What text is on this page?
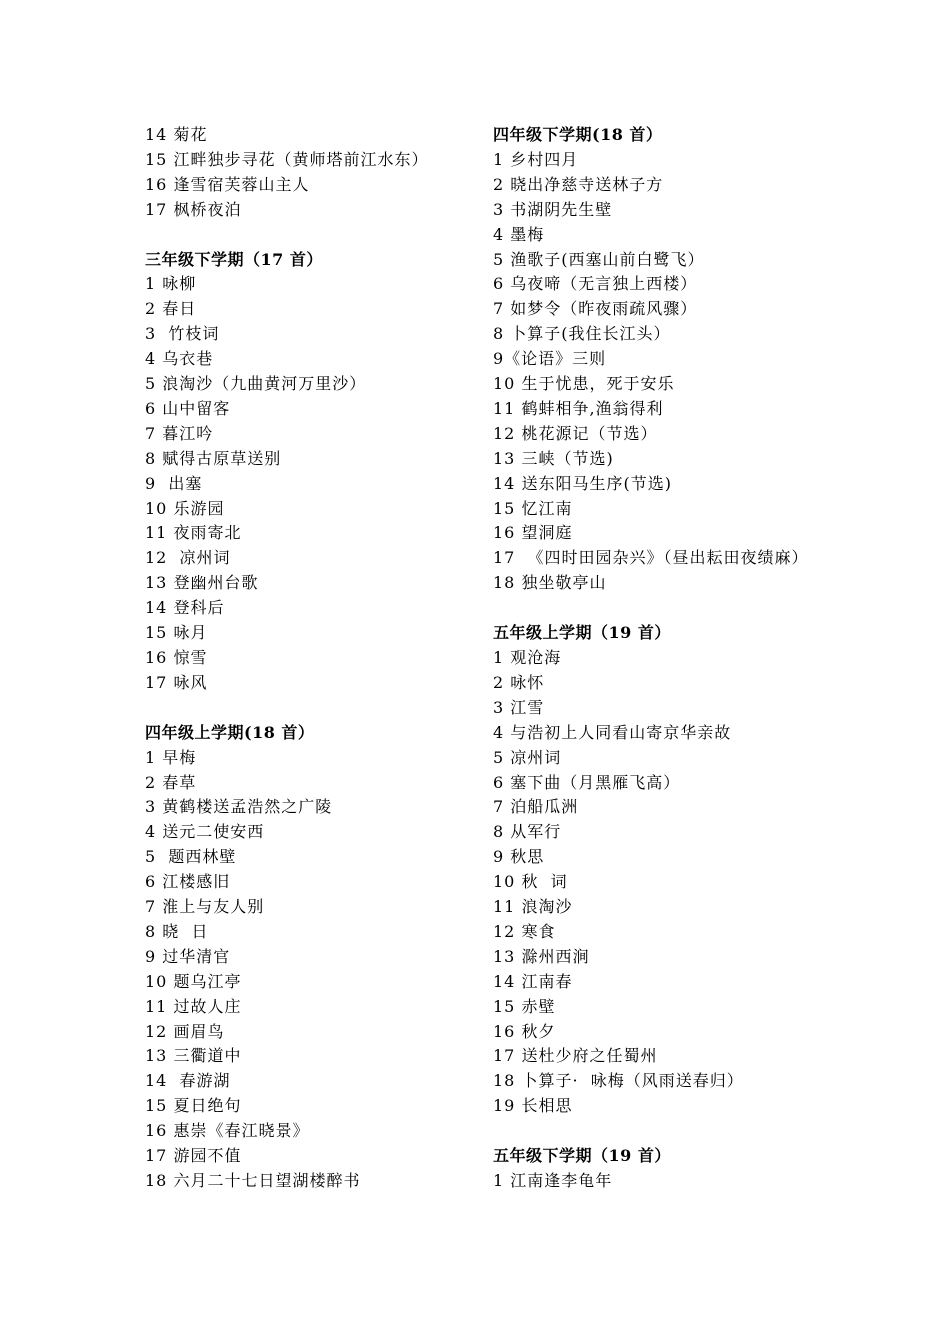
14 菊花
15 江畔独步寻花（黄师塔前江水东）
16 逢雪宿芙蓉山主人
17 枫桥夜泊
三年级下学期（17 首）
1 咏柳
2 春日
3  竹枝词
4 乌衣巷
5 浪淘沙（九曲黄河万里沙）
6 山中留客
7 暮江吟
8 赋得古原草送别
9  出塞
10 乐游园
11 夜雨寄北
12  凉州词
13 登幽州台歌
14 登科后
15 咏月
16 惊雪
17 咏风
四年级上学期(18 首）
1 早梅
2 春草
3 黄鹤楼送孟浩然之广陵
4 送元二使安西
5  题西林壁
6 江楼感旧
7 淮上与友人别
8 晓  日
9 过华清官
10 题乌江亭
11 过故人庄
12 画眉鸟
13 三衢道中
14  春游湖
15 夏日绝句
16 惠崇《春江晓景》
17 游园不值
18 六月二十七日望湖楼醉书
四年级下学期(18 首）
1 乡村四月
2 晓出净慈寺送林子方
3 书湖阴先生壁
4 墨梅
5 渔歌子(西塞山前白鹭飞）
6 乌夜啼（无言独上西楼）
7 如梦令（昨夜雨疏风骤）
8 卜算子(我住长江头）
9《论语》三则
10 生于忧患，死于安乐
11 鹤蚌相争,渔翁得利
12 桃花源记（节选）
13 三峡（节选)
14 送东阳马生序(节选)
15 忆江南
16 望洞庭
17  《四时田园杂兴》（昼出耘田夜绩麻）
18 独坐敬亭山
五年级上学期（19 首）
1 观沧海
2 咏怀
3 江雪
4 与浩初上人同看山寄京华亲故
5 凉州词
6 塞下曲（月黑雁飞高）
7 泊船瓜洲
8 从军行
9 秋思
10 秋  词
11 浪淘沙
12 寒食
13 滁州西涧
14 江南春
15 赤壁
16 秋夕
17 送杜少府之任蜀州
18 卜算子·  咏梅（风雨送春归）
19 长相思
五年级下学期（19 首）
1 江南逢李龟年
